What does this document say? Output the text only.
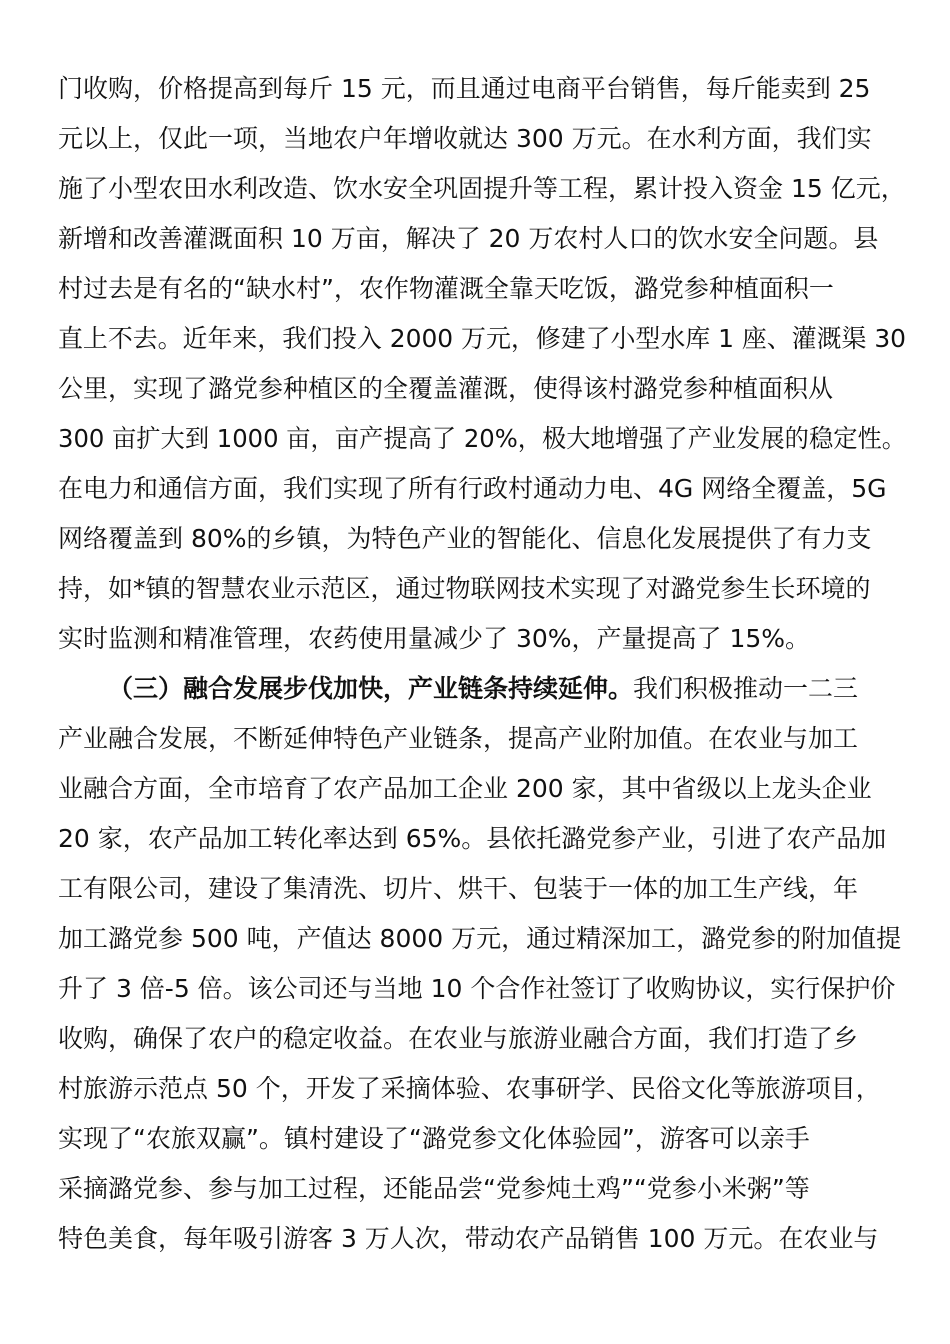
门收购，价格提高到每斤 15 元，而且通过电商平台销售，每斤能卖到 25
元以上，仅此一项，当地农户年增收就达 300 万元。在水利方面，我们实
施了小型农田水利改造、饮水安全巩固提升等工程，累计投入资金 15 亿元，
新增和改善灌溉面积 10 万亩，解决了 20 万农村人口的饮水安全问题。县
村过去是有名的“缺水村”，农作物灌溉全靠天吃饭，潞党参种植面积一
直上不去。近年来，我们投入 2000 万元，修建了小型水库 1 座、灌溉渠 30
公里，实现了潞党参种植区的全覆盖灌溉，使得该村潞党参种植面积从
300 亩扩大到 1000 亩，亩产提高了 20%，极大地增强了产业发展的稳定性。
在电力和通信方面，我们实现了所有行政村通动力电、4G 网络全覆盖，5G
网络覆盖到 80%的乡镇，为特色产业的智能化、信息化发展提供了有力支
持，如*镇的智慧农业示范区，通过物联网技术实现了对潞党参生长环境的
实时监测和精准管理，农药使用量减少了 30%，产量提高了 15%。
（三）融合发展步伐加快，产业链条持续延伸。我们积极推动一二三
产业融合发展，不断延伸特色产业链条，提高产业附加值。在农业与加工
业融合方面，全市培育了农产品加工企业 200 家，其中省级以上龙头企业
20 家，农产品加工转化率达到 65%。县依托潞党参产业，引进了农产品加
工有限公司，建设了集清洗、切片、烘干、包装于一体的加工生产线，年
加工潞党参 500 吨，产值达 8000 万元，通过精深加工，潞党参的附加值提
升了 3 倍-5 倍。该公司还与当地 10 个合作社签订了收购协议，实行保护价
收购，确保了农户的稳定收益。在农业与旅游业融合方面，我们打造了乡
村旅游示范点 50 个，开发了采摘体验、农事研学、民俗文化等旅游项目，
实现了“农旅双赢”。镇村建设了“潞党参文化体验园”，游客可以亲手
采摘潞党参、参与加工过程，还能品尝“党参炖土鸡”“党参小米粥”等
特色美食，每年吸引游客 3 万人次，带动农产品销售 100 万元。在农业与
